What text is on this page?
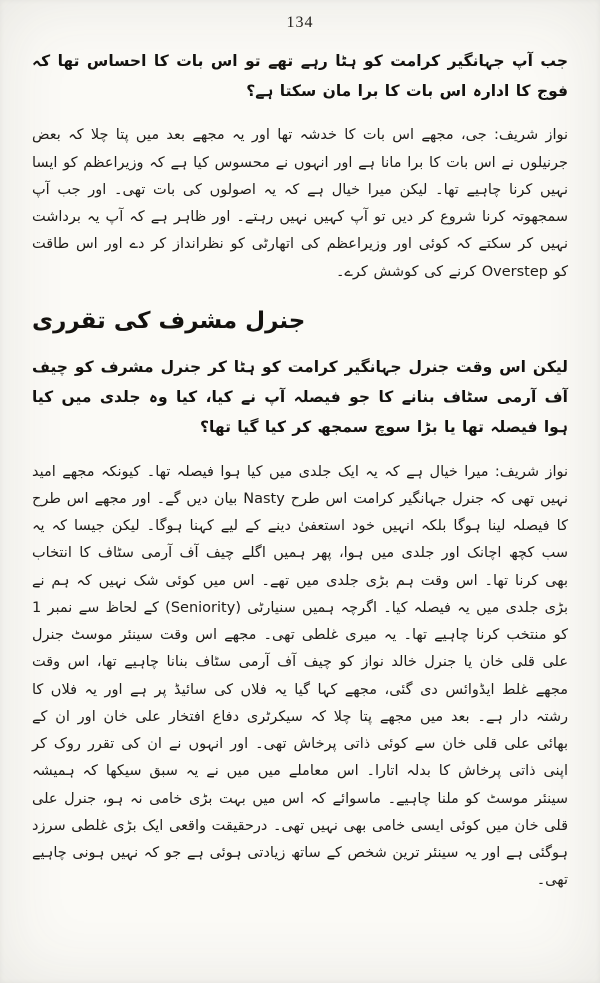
134

جب آپ جہانگیر کرامت کو ہٹا رہے تھے تو اس بات کا احساس تھا کہ فوج کا ادارہ اس بات کا برا مان سکتا ہے؟

نواز شریف: جی، مجھے اس بات کا خدشہ تھا اور یہ مجھے بعد میں پتا چلا کہ بعض جرنیلوں نے اس بات کا برا مانا ہے اور انہوں نے محسوس کیا ہے کہ وزیراعظم کو ایسا نہیں کرنا چاہیے تھا۔ لیکن میرا خیال ہے کہ یہ اصولوں کی بات تھی۔ اور جب آپ سمجھوتہ کرنا شروع کر دیں تو آپ کہیں نہیں رہتے۔ اور ظاہر ہے کہ آپ یہ برداشت نہیں کر سکتے کہ کوئی اور وزیراعظم کی اتھارٹی کو نظرانداز کر دے اور اس طاقت کو Overstep کرنے کی کوشش کرے۔

جنرل مشرف کی تقرری

لیکن اس وقت جنرل جہانگیر کرامت کو ہٹا کر جنرل مشرف کو چیف آف آرمی سٹاف بنانے کا جو فیصلہ آپ نے کیا، کیا وہ جلدی میں کیا ہوا فیصلہ تھا یا بڑا سوچ سمجھ کر کیا گیا تھا؟

نواز شریف: میرا خیال ہے کہ یہ ایک جلدی میں کیا ہوا فیصلہ تھا۔ کیونکہ مجھے امید نہیں تھی کہ جنرل جہانگیر کرامت اس طرح Nasty بیان دیں گے۔ اور مجھے اس طرح کا فیصلہ لینا ہوگا بلکہ انہیں خود استعفیٰ دینے کے لیے کہنا ہوگا۔ لیکن جیسا کہ یہ سب کچھ اچانک اور جلدی میں ہوا، پھر ہمیں اگلے چیف آف آرمی سٹاف کا انتخاب بھی کرنا تھا۔ اس وقت ہم بڑی جلدی میں تھے۔ اس میں کوئی شک نہیں کہ ہم نے بڑی جلدی میں یہ فیصلہ کیا۔ اگرچہ ہمیں سنیارٹی (Seniority) کے لحاظ سے نمبر 1 کو منتخب کرنا چاہیے تھا۔ یہ میری غلطی تھی۔ مجھے اس وقت سینئر موسٹ جنرل علی قلی خان یا جنرل خالد نواز کو چیف آف آرمی سٹاف بنانا چاہیے تھا، اس وقت مجھے غلط ایڈوائس دی گئی، مجھے کہا گیا یہ فلاں کی سائیڈ پر ہے اور یہ فلاں کا رشتہ دار ہے۔ بعد میں مجھے پتا چلا کہ سیکرٹری دفاع افتخار علی خان اور ان کے بھائی علی قلی خان سے کوئی ذاتی پرخاش تھی۔ اور انہوں نے ان کی تقرر روک کر اپنی ذاتی پرخاش کا بدلہ اتارا۔ اس معاملے میں میں نے یہ سبق سیکھا کہ ہمیشہ سینئر موسٹ کو ملنا چاہیے۔ ماسوائے کہ اس میں بہت بڑی خامی نہ ہو، جنرل علی قلی خان میں کوئی ایسی خامی بھی نہیں تھی۔ درحقیقت واقعی ایک بڑی غلطی سرزد ہوگئی ہے اور یہ سینئر ترین شخص کے ساتھ زیادتی ہوئی ہے جو کہ نہیں ہونی چاہیے تھی۔
